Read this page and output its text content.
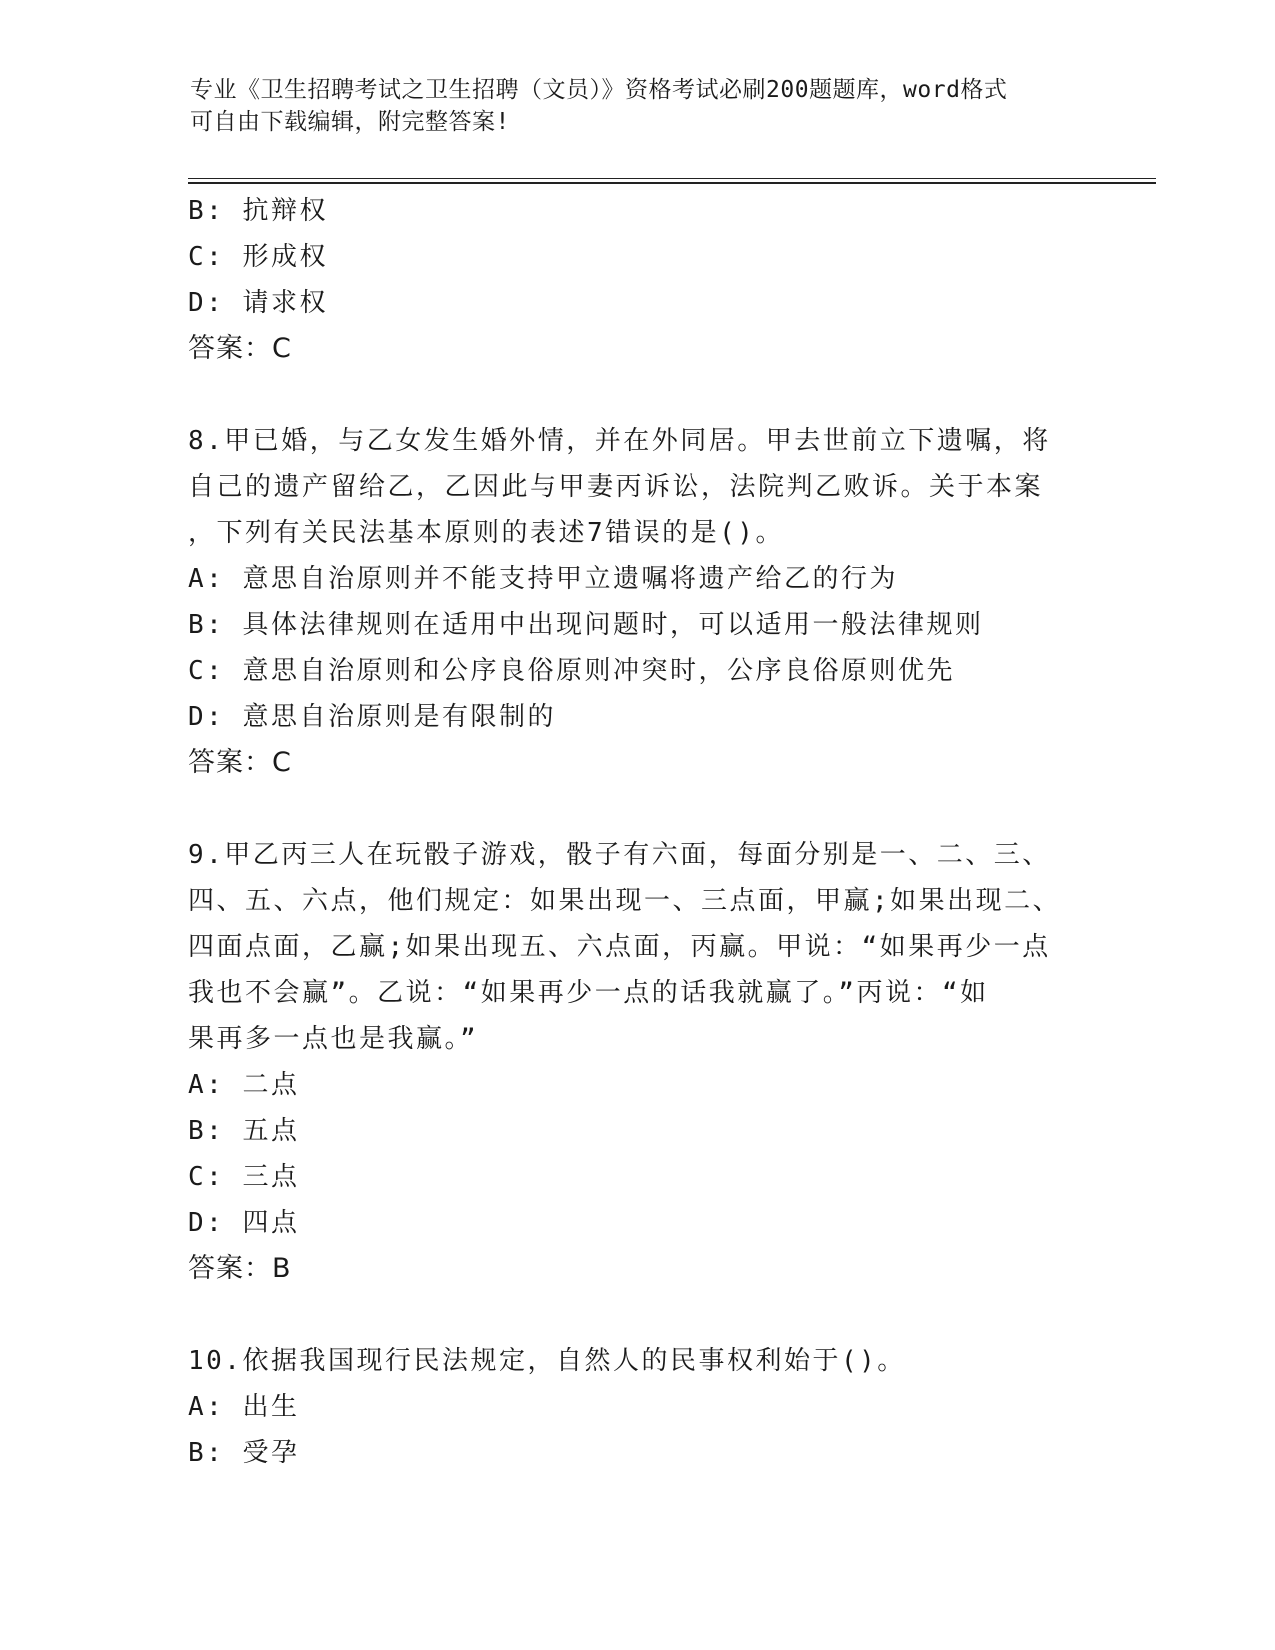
专业《卫生招聘考试之卫生招聘（文员）》资格考试必刷200题题库，word格式
可自由下载编辑，附完整答案!
B: 抗辩权
C: 形成权
D: 请求权
答案：C
8.甲已婚，与乙女发生婚外情，并在外同居。甲去世前立下遗嘱，将
自己的遗产留给乙，乙因此与甲妻丙诉讼，法院判乙败诉。关于本案
，下列有关民法基本原则的表述7错误的是()。
A: 意思自治原则并不能支持甲立遗嘱将遗产给乙的行为
B: 具体法律规则在适用中出现问题时，可以适用一般法律规则
C: 意思自治原则和公序良俗原则冲突时，公序良俗原则优先
D: 意思自治原则是有限制的
答案：C
9.甲乙丙三人在玩骰子游戏，骰子有六面，每面分别是一、二、三、
四、五、六点，他们规定：如果出现一、三点面，甲赢;如果出现二、
四面点面，乙赢;如果出现五、六点面，丙赢。甲说：“如果再少一点
我也不会赢”。乙说：“如果再少一点的话我就赢了。”丙说：“如
果再多一点也是我赢。”
A: 二点
B: 五点
C: 三点
D: 四点
答案：B
10.依据我国现行民法规定，自然人的民事权利始于()。
A: 出生
B: 受孕
